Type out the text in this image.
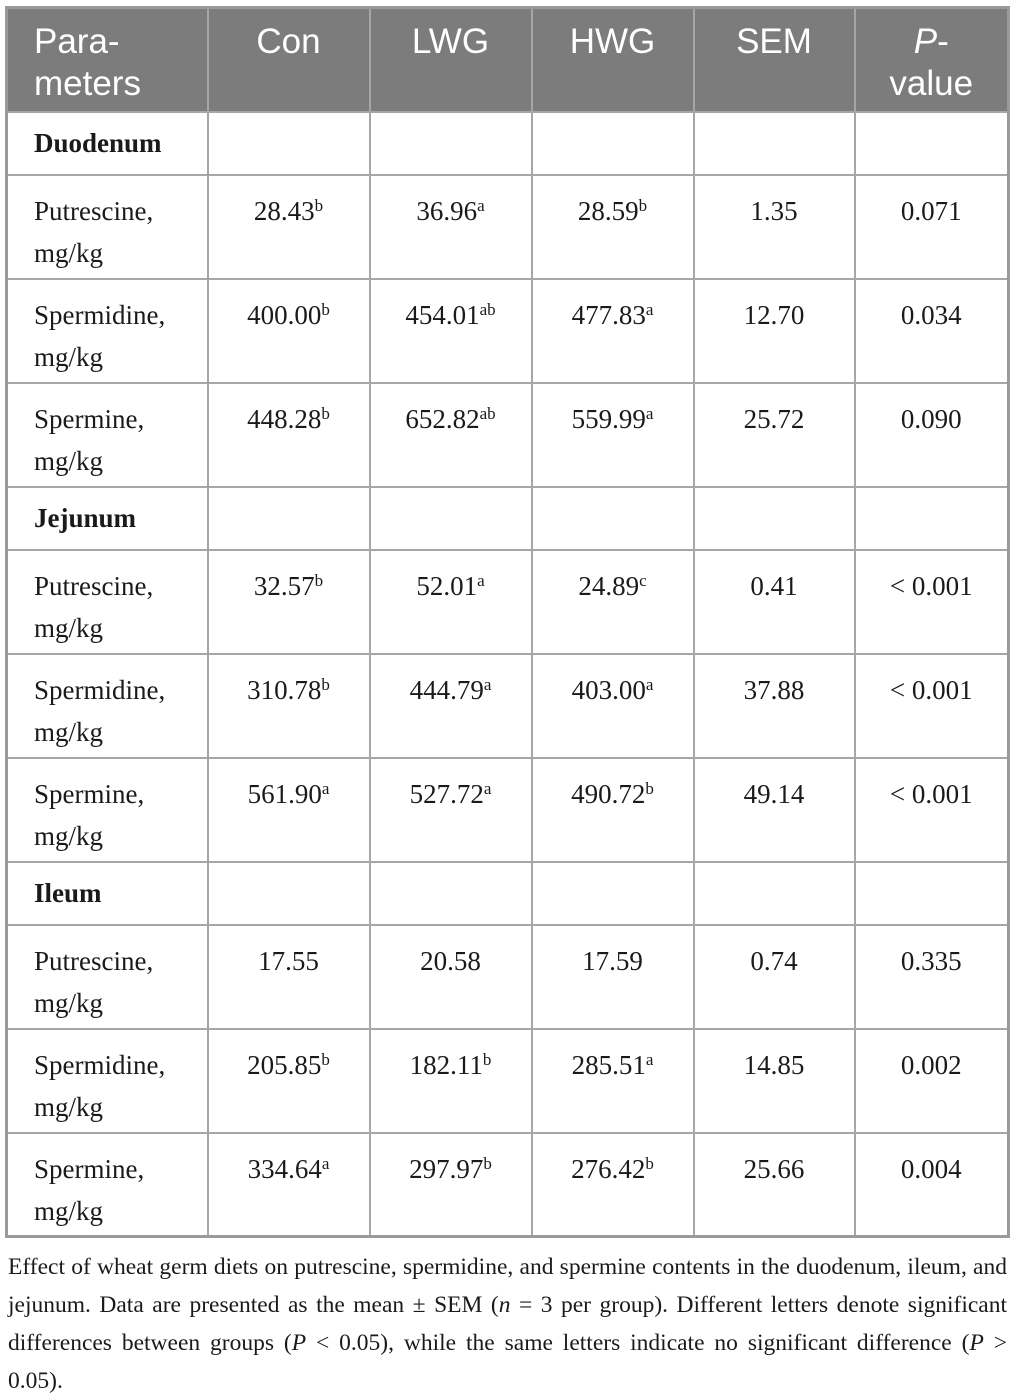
Para-
meters	Con	LWG	HWG	SEM	P-
value
Duodenum					
Putrescine,
mg/kg	28.43$^b$	36.96$^a$	28.59$^b$	1.35	0.071
Spermidine,
mg/kg	400.00$^b$	454.01$^{ab}$	477.83$^a$	12.70	0.034
Spermine,
mg/kg	448.28$^b$	652.82$^{ab}$	559.99$^a$	25.72	0.090
Jejunum					
Putrescine,
mg/kg	32.57$^b$	52.01$^a$	24.89$^c$	0.41	< 0.001
Spermidine,
mg/kg	310.78$^b$	444.79$^a$	403.00$^a$	37.88	< 0.001
Spermine,
mg/kg	561.90$^a$	527.72$^a$	490.72$^b$	49.14	< 0.001
Ileum					
Putrescine,
mg/kg	17.55	20.58	17.59	0.74	0.335
Spermidine,
mg/kg	205.85$^b$	182.11$^b$	285.51$^a$	14.85	0.002
Spermine,
mg/kg	334.64$^a$	297.97$^b$	276.42$^b$	25.66	0.004

Effect of wheat germ diets on putrescine, spermidine, and spermine contents in the duodenum, ileum, and jejunum. Data are presented as the mean ± SEM (n = 3 per group). Different letters denote significant differences between groups (P < 0.05), while the same letters indicate no significant difference (P > 0.05).
